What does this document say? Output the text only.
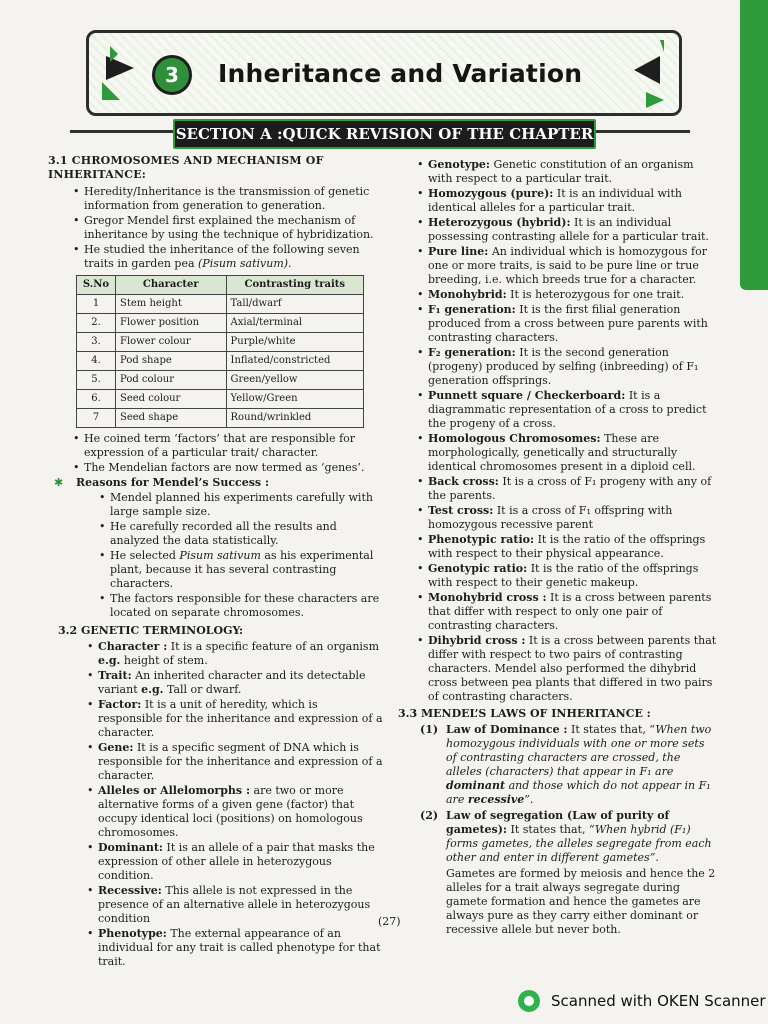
3	Inheritance and Variation
SECTION A :QUICK REVISION OF THE CHAPTER

3.1 CHROMOSOMES AND MECHANISM OF INHERITANCE:

• Heredity/Inheritance is the transmission of genetic information from generation to generation.

• Gregor Mendel first explained the mechanism of inheritance by using the technique of hybridization.

• He studied the inheritance of the following seven traits in garden pea (Pisum sativum).

S.No	Character	Contrasting traits
1	Stem height	Tall/dwarf
2.	Flower position	Axial/terminal
3.	Flower colour	Purple/white
4.	Pod shape	Inflated/constricted
5.	Pod colour	Green/yellow
6.	Seed colour	Yellow/Green
7	Seed shape	Round/wrinkled

• He coined term ‘factors’ that are responsible for expression of a particular trait/ character.

• The Mendelian factors are now termed as ‘genes’.

✱ Reasons for Mendel’s Success :

• Mendel planned his experiments carefully with large sample size.

• He carefully recorded all the results and analyzed the data statistically.

• He selected Pisum sativum as his experimental plant, because it has several contrasting characters.

• The factors responsible for these characters are located on separate chromosomes.

3.2 GENETIC TERMINOLOGY:

• Character : It is a specific feature of an organism e.g. height of stem.

• Trait: An inherited character and its detectable variant e.g. Tall or dwarf.

• Factor: It is a unit of heredity, which is responsible for the inheritance and expression of a character.

• Gene: It is a specific segment of DNA which is responsible for the inheritance and expression of a character.

• Alleles or Allelomorphs : are two or more alternative forms of a given gene (factor) that occupy identical loci (positions) on homologous chromosomes.

• Dominant: It is an allele of a pair that masks the expression of other allele in heterozygous condition.

• Recessive: This allele is not expressed in the presence of an alternative allele in heterozygous condition

• Phenotype: The external appearance of an individual for any trait is called phenotype for that trait.

• Genotype: Genetic constitution of an organism with respect to a particular trait.

• Homozygous (pure): It is an individual with identical alleles for a particular trait.

• Heterozygous (hybrid): It is an individual possessing contrasting allele for a particular trait.

• Pure line: An individual which is homozygous for one or more traits, is said to be pure line or true breeding, i.e. which breeds true for a character.

• Monohybrid: It is heterozygous for one trait.

• F₁ generation: It is the first filial generation produced from a cross between pure parents with contrasting characters.

• F₂ generation: It is the second generation (progeny) produced by selfing (inbreeding) of F₁ generation offsprings.

• Punnett square / Checkerboard: It is a diagrammatic representation of a cross to predict the progeny of a cross.

• Homologous Chromosomes: These are morphologically, genetically and structurally identical chromosomes present in a diploid cell.

• Back cross: It is a cross of F₁ progeny with any of the parents.

• Test cross: It is a cross of F₁ offspring with homozygous recessive parent

• Phenotypic ratio: It is the ratio of the offsprings with respect to their physical appearance.

• Genotypic ratio: It is the ratio of the offsprings with respect to their genetic makeup.

• Monohybrid cross : It is a cross between parents that differ with respect to only one pair of contrasting characters.

• Dihybrid cross : It is a cross between parents that differ with respect to two pairs of contrasting characters. Mendel also performed the dihybrid cross between pea plants that differed in two pairs of contrasting characters.

3.3 MENDEL’S LAWS OF INHERITANCE :

(1) Law of Dominance : It states that, “When two homozygous individuals with one or more sets of contrasting characters are crossed, the alleles (characters) that appear in F₁ are dominant and those which do not appear in F₁ are recessive”.

(2) Law of segregation (Law of purity of gametes): It states that, “When hybrid (F₁) forms gametes, the alleles segregate from each other and enter in different gametes”.

Gametes are formed by meiosis and hence the 2 alleles for a trait always segregate during gamete formation and hence the gametes are always pure as they carry either dominant or recessive allele but never both.

(27)
Scanned with OKEN Scanner
